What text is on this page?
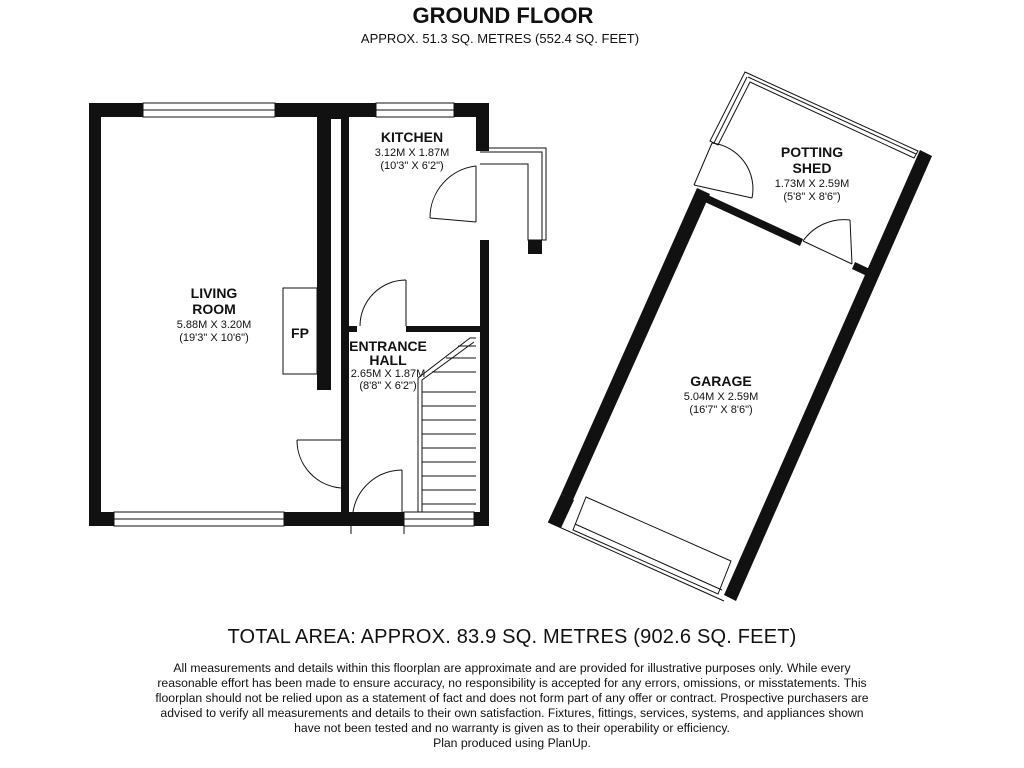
GROUND FLOOR
APPROX. 51.3 SQ. METRES (552.4 SQ. FEET)
FP
LIVING
ROOM
5.88M X 3.20M
(19'3" X 10'6")
KITCHEN
3.12M X 1.87M
(10'3" X 6'2")
ENTRANCE
HALL
2.65M X 1.87M
(8'8" X 6'2")
POTTING
SHED
1.73M X 2.59M
(5'8" X 8'6")
GARAGE
5.04M X 2.59M
(16'7" X 8'6")
TOTAL AREA: APPROX. 83.9 SQ. METRES (902.6 SQ. FEET)
All measurements and details within this floorplan are approximate and are provided for illustrative purposes only. While every reasonable effort has been made to ensure accuracy, no responsibility is accepted for any errors, omissions, or misstatements. This floorplan should not be relied upon as a statement of fact and does not form part of any offer or contract. Prospective purchasers are advised to verify all measurements and details to their own satisfaction. Fixtures, fittings, services, systems, and appliances shown have not been tested and no warranty is given as to their operability or efficiency.
Plan produced using PlanUp.
